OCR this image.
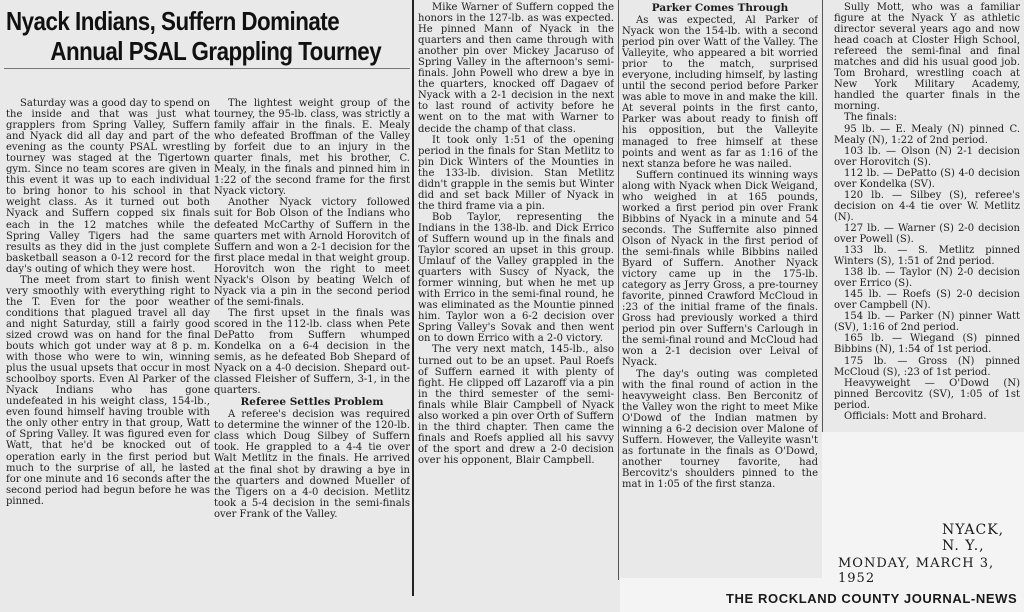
Nyack Indians, Suffern Dominate
Annual PSAL Grappling Tourney

Saturday was a good day to spend on the inside and that was just what grapplers from Spring Valley, Suffern and Nyack did all day and part of the evening as the county PSAL wrestling tourney was staged at the Tigertown gym. Since no team scores are given in this event it was up to each individual to bring honor to his school in that weight class. As it turned out both Nyack and Suffern copped six finals each in the 12 matches while the Spring Valley Tigers had the same results as they did in the just complete basketball season a 0-12 record for the day's outing of which they were host.

The meet from start to finish went very smoothly with everything right to the T. Even for the poor weather conditions that plagued travel all day and night Saturday, still a fairly good sized crowd was on hand for the final bouts which got under way at 8 p. m. with those who were to win, winning plus the usual upsets that occur in most schoolboy sports. Even Al Parker of the Nyack Indians who has gone undefeated in his weight class, 154-lb., even found himself having trouble with the only other entry in that group, Watt of Spring Valley. It was figured even for Watt, that he'd be knocked out of operation early in the first period but much to the surprise of all, he lasted for one minute and 16 seconds after the second period had begun before he was pinned.

The lightest weight group of the tourney, the 95-lb. class, was strictly a family affair in the finals. E. Mealy who defeated Broffman of the Valley by forfeit due to an injury in the quarter finals, met his brother, C. Mealy, in the finals and pinned him in 1:22 of the second frame for the first Nyack victory.

Another Nyack victory followed suit for Bob Olson of the Indians who defeated McCarthy of Suffern in the quarters met with Arnold Horovitch of Suffern and won a 2-1 decision for the first place medal in that weight group. Horovitch won the right to meet Nyack's Olson by beating Welch of Nyack via a pin in the second period of the semi-finals.

The first upset in the finals was scored in the 112-lb. class when Pete DePatto from Suffern whumped Kondelka on a 6-4 decision in the semis, as he defeated Bob Shepard of Nyack on a 4-0 decision. Shepard out-classed Fleisher of Suffern, 3-1, in the quarters.

Referee Settles Problem

A referee's decision was required to determine the winner of the 120-lb. class which Doug Silbey of Suffern took. He grappled to a 4-4 tie over Walt Metlitz in the finals. He arrived at the final shot by drawing a bye in the quarters and downed Mueller of the Tigers on a 4-0 decision. Metlitz took a 5-4 decision in the semi-finals over Frank of the Valley.

Mike Warner of Suffern copped the honors in the 127-lb. as was expected. He pinned Mann of Nyack in the quarters and then came through with another pin over Mickey Jacaruso of Spring Valley in the afternoon's semi-finals. John Powell who drew a bye in the quarters, knocked off Dagaev of Nyack with a 2-1 decision in the next to last round of activity before he went on to the mat with Warner to decide the champ of that class.

It took only 1:51 of the opening period in the finals for Stan Metlitz to pin Dick Winters of the Mounties in the 133-lb. division. Stan Metlitz didn't grapple in the semis but Winter did and set back Miller of Nyack in the third frame via a pin.

Bob Taylor, representing the Indians in the 138-lb. and Dick Errico of Suffern wound up in the finals and Taylor scored an upset in this group. Umlauf of the Valley grappled in the quarters with Suscy of Nyack, the former winning, but when he met up with Errico in the semi-final round, he was eliminated as the Mountie pinned him. Taylor won a 6-2 decision over Spring Valley's Sovak and then went on to down Errico with a 2-0 victory.

The very next match, 145-lb., also turned out to be an upset. Paul Roefs of Suffern earned it with plenty of fight. He clipped off Lazaroff via a pin in the third semester of the semi-finals while Blair Campbell of Nyack also worked a pin over Orth of Suffern in the third chapter. Then came the finals and Roefs applied all his savvy of the sport and drew a 2-0 decision over his opponent, Blair Campbell.

Parker Comes Through

As was expected, Al Parker of Nyack won the 154-lb. with a second period pin over Watt of the Valley. The Valleyite, who appeared a bit worried prior to the match, surprised everyone, including himself, by lasting until the second period before Parker was able to move in and make the kill. At several points in the first canto, Parker was about ready to finish off his opposition, but the Valleyite managed to free himself at these points and went as far as 1:16 of the next stanza before he was nailed.

Suffern continued its winning ways along with Nyack when Dick Weigand, who weighed in at 165 pounds, worked a first period pin over Frank Bibbins of Nyack in a minute and 54 seconds. The Suffernite also pinned Olson of Nyack in the first period of the semi-finals while Bibbins nailed Byard of Suffern. Another Nyack victory came up in the 175-lb. category as Jerry Gross, a pre-tourney favorite, pinned Crawford McCloud in :23 of the initial frame of the finals. Gross had previously worked a third period pin over Suffern's Carlough in the semi-final round and McCloud had won a 2-1 decision over Leival of Nyack.

The day's outing was completed with the final round of action in the heavyweight class. Ben Berconitz of the Valley won the right to meet Mike O'Dowd of the Indian matmen by winning a 6-2 decision over Malone of Suffern. However, the Valleyite wasn't as fortunate in the finals as O'Dowd, another tourney favorite, had Bercovitz's shoulders pinned to the mat in 1:05 of the first stanza.

Sully Mott, who was a familiar figure at the Nyack Y as athletic director several years ago and now head coach at Closter High School, refereed the semi-final and final matches and did his usual good job. Tom Brohard, wrestling coach at New York Military Academy, handled the quarter finals in the morning.

The finals:

95 lb. — E. Mealy (N) pinned C. Mealy (N), 1:22 of 2nd period.

103 lb. — Olson (N) 2-1 decision over Horovitch (S).

112 lb. — DePatto (S) 4-0 decision over Kondelka (SV).

120 lb. — Silbey (S), referee's decision on 4-4 tie over W. Metlitz (N).

127 lb. — Warner (S) 2-0 decision over Powell (S).

133 lb. — S. Metlitz pinned Winters (S), 1:51 of 2nd period.

138 lb. — Taylor (N) 2-0 decision over Errico (S).

145 lb. — Roefs (S) 2-0 decision over Campbell (N).

154 lb. — Parker (N) pinner Watt (SV), 1:16 of 2nd period.

165 lb. — Wiegand (S) pinned Bibbins (N), 1:54 of 1st period.

175 lb. — Gross (N) pinned McCloud (S), :23 of 1st period.

Heavyweight — O'Dowd (N) pinned Bercovitz (SV), 1:05 of 1st period.

Officials: Mott and Brohard.

NYACK, N. Y.,
MONDAY, MARCH 3, 1952
THE ROCKLAND COUNTY JOURNAL-NEWS
